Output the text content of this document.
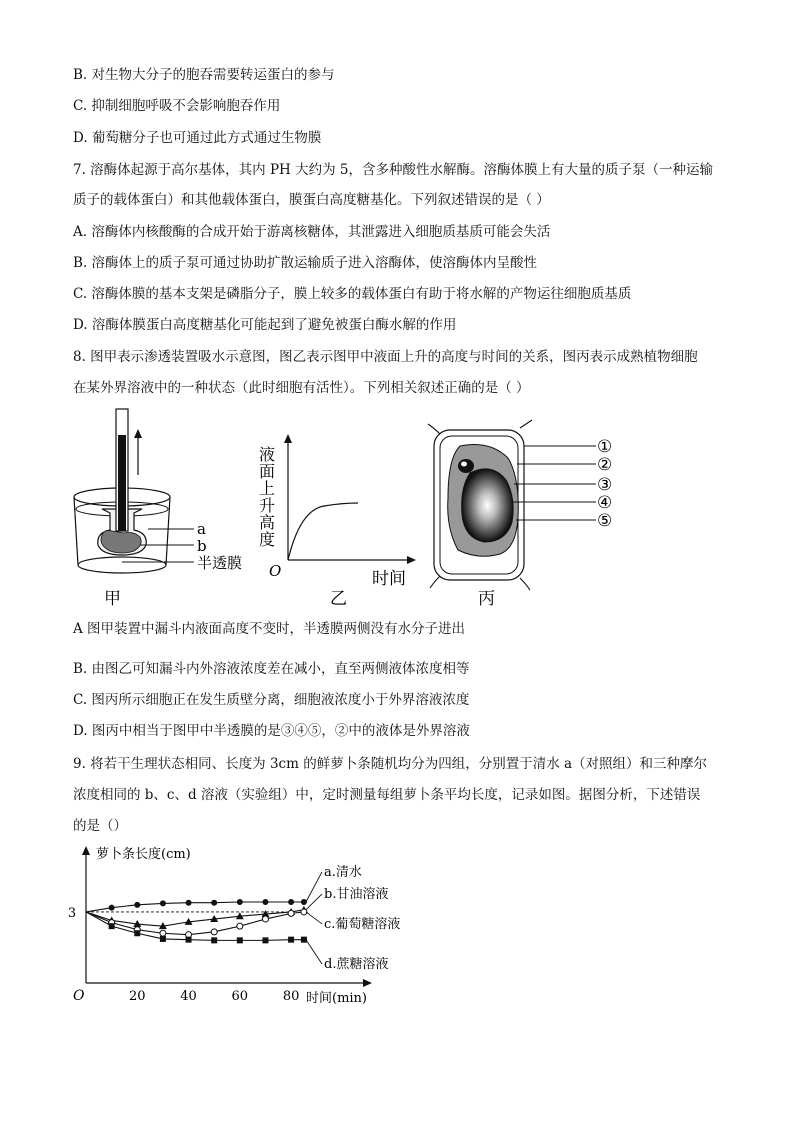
B. 对生物大分子的胞吞需要转运蛋白的参与
C. 抑制细胞呼吸不会影响胞吞作用
D. 葡萄糖分子也可通过此方式通过生物膜
7. 溶酶体起源于高尔基体，其内 PH 大约为 5，含多种酸性水解酶。溶酶体膜上有大量的质子泵（一种运输
质子的载体蛋白）和其他载体蛋白，膜蛋白高度糖基化。下列叙述错误的是（ ）
A. 溶酶体内核酸酶的合成开始于游离核糖体，其泄露进入细胞质基质可能会失活
B. 溶酶体上的质子泵可通过协助扩散运输质子进入溶酶体，使溶酶体内呈酸性
C. 溶酶体膜的基本支架是磷脂分子，膜上较多的载体蛋白有助于将水解的产物运往细胞质基质
D. 溶酶体膜蛋白高度糖基化可能起到了避免被蛋白酶水解的作用
8. 图甲表示渗透装置吸水示意图，图乙表示图甲中液面上升的高度与时间的关系，图丙表示成熟植物细胞
在某外界溶液中的一种状态（此时细胞有活性）。下列相关叙述正确的是（ ）
a
b
半透膜
甲
液面上升高度
O	时间
乙
①
②
③
④
⑤
丙
A 图甲装置中漏斗内液面高度不变时，半透膜两侧没有水分子进出
B. 由图乙可知漏斗内外溶液浓度差在减小，直至两侧液体浓度相等
C. 图丙所示细胞正在发生质壁分离，细胞液浓度小于外界溶液浓度
D. 图丙中相当于图甲中半透膜的是③④⑤，②中的液体是外界溶液
9. 将若干生理状态相同、长度为 3cm 的鲜萝卜条随机均分为四组，分别置于清水 a（对照组）和三种摩尔
浓度相同的 b、c、d 溶液（实验组）中，定时测量每组萝卜条平均长度，记录如图。据图分析，下述错误
的是（）
萝卜条长度(cm)
时间(min)
O	20	40	60	80
3
a.清水
b.甘油溶液
c.葡萄糖溶液
d.蔗糖溶液
